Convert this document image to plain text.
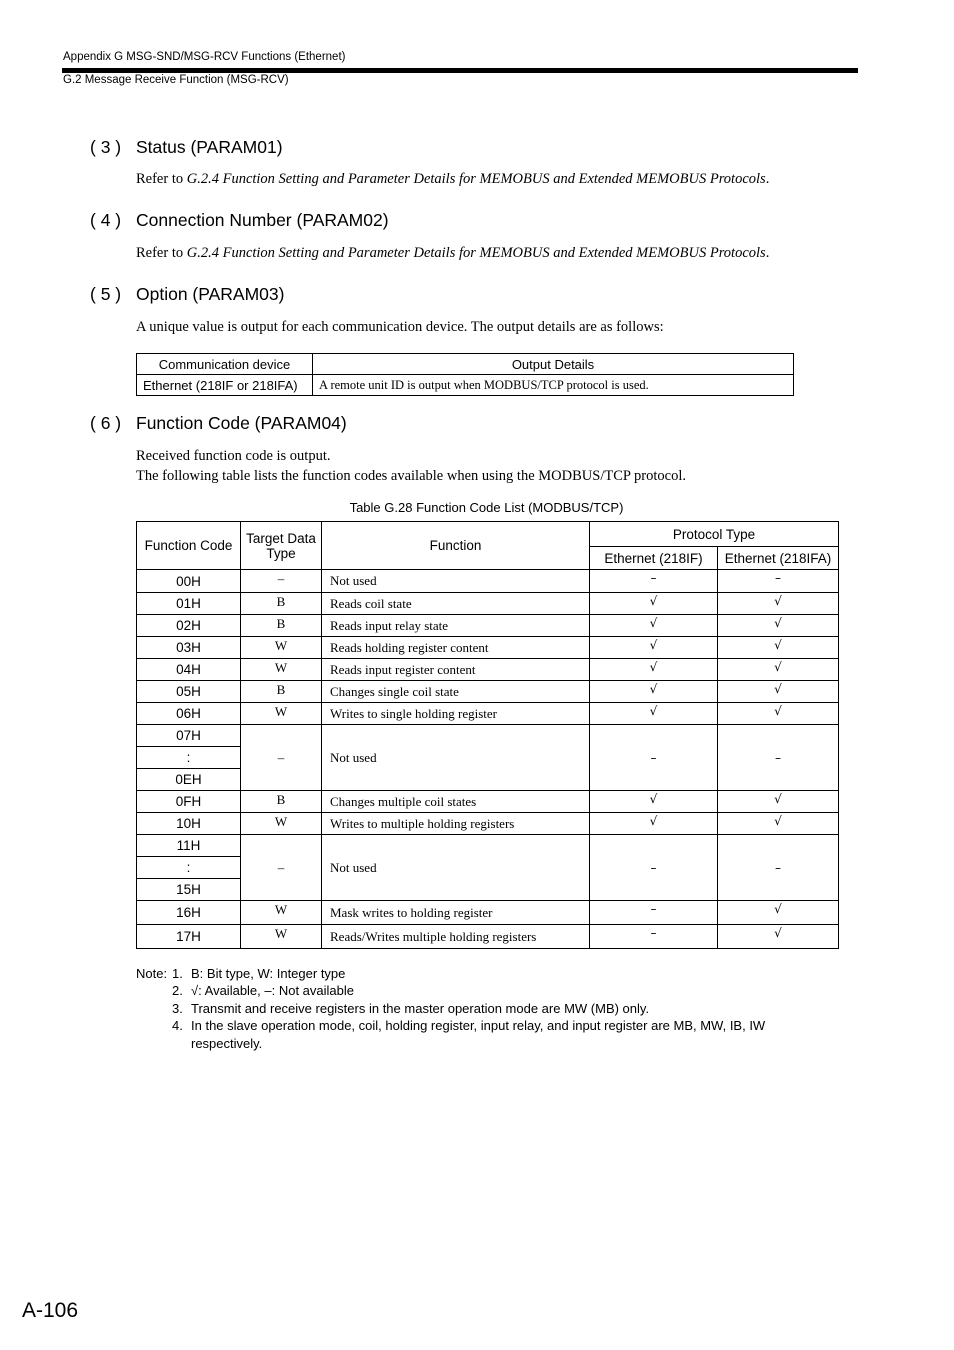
Appendix G MSG-SND/MSG-RCV Functions (Ethernet)
G.2 Message Receive Function (MSG-RCV)
( 3 ) Status (PARAM01)
Refer to G.2.4 Function Setting and Parameter Details for MEMOBUS and Extended MEMOBUS Protocols.
( 4 ) Connection Number (PARAM02)
Refer to G.2.4 Function Setting and Parameter Details for MEMOBUS and Extended MEMOBUS Protocols.
( 5 ) Option (PARAM03)
A unique value is output for each communication device. The output details are as follows:
Communication device	Output Details
Ethernet (218IF or 218IFA)	A remote unit ID is output when MODBUS/TCP protocol is used.
( 6 ) Function Code (PARAM04)
Received function code is output.
The following table lists the function codes available when using the MODBUS/TCP protocol.
Table G.28 Function Code List (MODBUS/TCP)
Function Code	Target Data Type	Function	Protocol Type	
			Ethernet (218IF)	Ethernet (218IFA)
00H	–	Not used	–	–
01H	B	Reads coil state	√	√
02H	B	Reads input relay state	√	√
03H	W	Reads holding register content	√	√
04H	W	Reads input register content	√	√
05H	B	Changes single coil state	√	√
06H	W	Writes to single holding register	√	√
07H	–	Not used	–	–
:				
0EH				
0FH	B	Changes multiple coil states	√	√
10H	W	Writes to multiple holding registers	√	√
11H	–	Not used	–	–
:				
15H				
16H	W	Mask writes to holding register	–	√
17H	W	Reads/Writes multiple holding registers	–	√
Note: 1. B: Bit type, W: Integer type
2. √: Available, –: Not available
3. Transmit and receive registers in the master operation mode are MW (MB) only.
4. In the slave operation mode, coil, holding register, input relay, and input register are MB, MW, IB, IW
respectively.
A-106
